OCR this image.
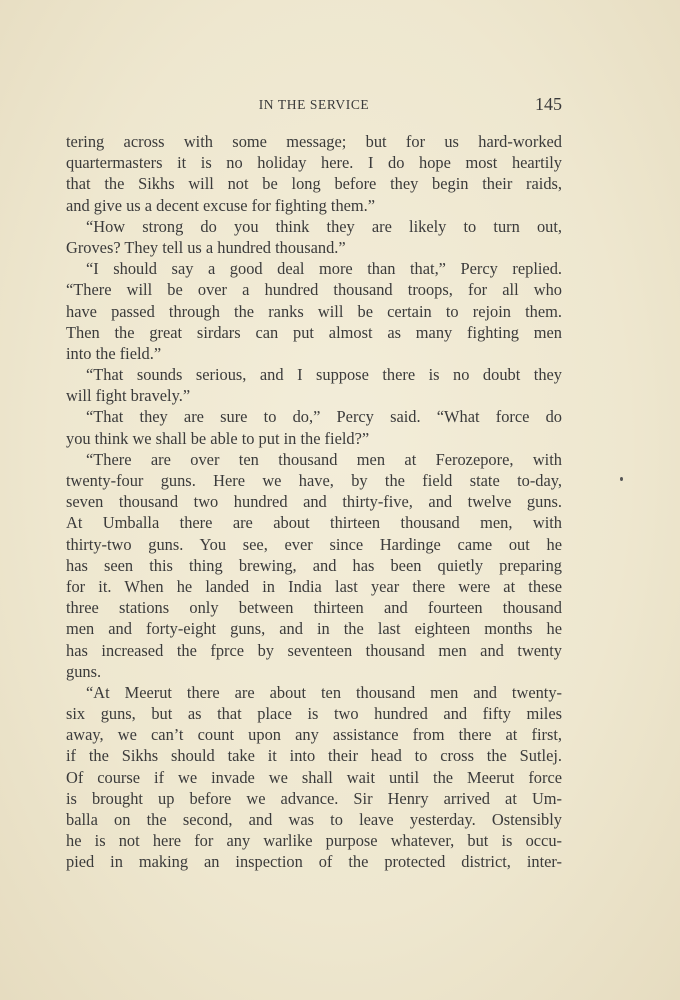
IN THE SERVICE	145
tering across with some message; but for us hard-worked
quartermasters it is no holiday here. I do hope most heartily
that the Sikhs will not be long before they begin their raids,
and give us a decent excuse for fighting them.”
“How strong do you think they are likely to turn out,
Groves? They tell us a hundred thousand.”
“I should say a good deal more than that,” Percy replied.
“There will be over a hundred thousand troops, for all who
have passed through the ranks will be certain to rejoin them.
Then the great sirdars can put almost as many fighting men
into the field.”
“That sounds serious, and I suppose there is no doubt they
will fight bravely.”
“That they are sure to do,” Percy said. “What force do
you think we shall be able to put in the field?”
“There are over ten thousand men at Ferozepore, with
twenty-four guns. Here we have, by the field state to-day,
seven thousand two hundred and thirty-five, and twelve guns.
At Umballa there are about thirteen thousand men, with
thirty-two guns. You see, ever since Hardinge came out he
has seen this thing brewing, and has been quietly preparing
for it. When he landed in India last year there were at these
three stations only between thirteen and fourteen thousand
men and forty-eight guns, and in the last eighteen months he
has increased the fprce by seventeen thousand men and twenty
guns.
“At Meerut there are about ten thousand men and twenty-
six guns, but as that place is two hundred and fifty miles
away, we can’t count upon any assistance from there at first,
if the Sikhs should take it into their head to cross the Sutlej.
Of course if we invade we shall wait until the Meerut force
is brought up before we advance. Sir Henry arrived at Um-
balla on the second, and was to leave yesterday. Ostensibly
he is not here for any warlike purpose whatever, but is occu-
pied in making an inspection of the protected district, inter-
